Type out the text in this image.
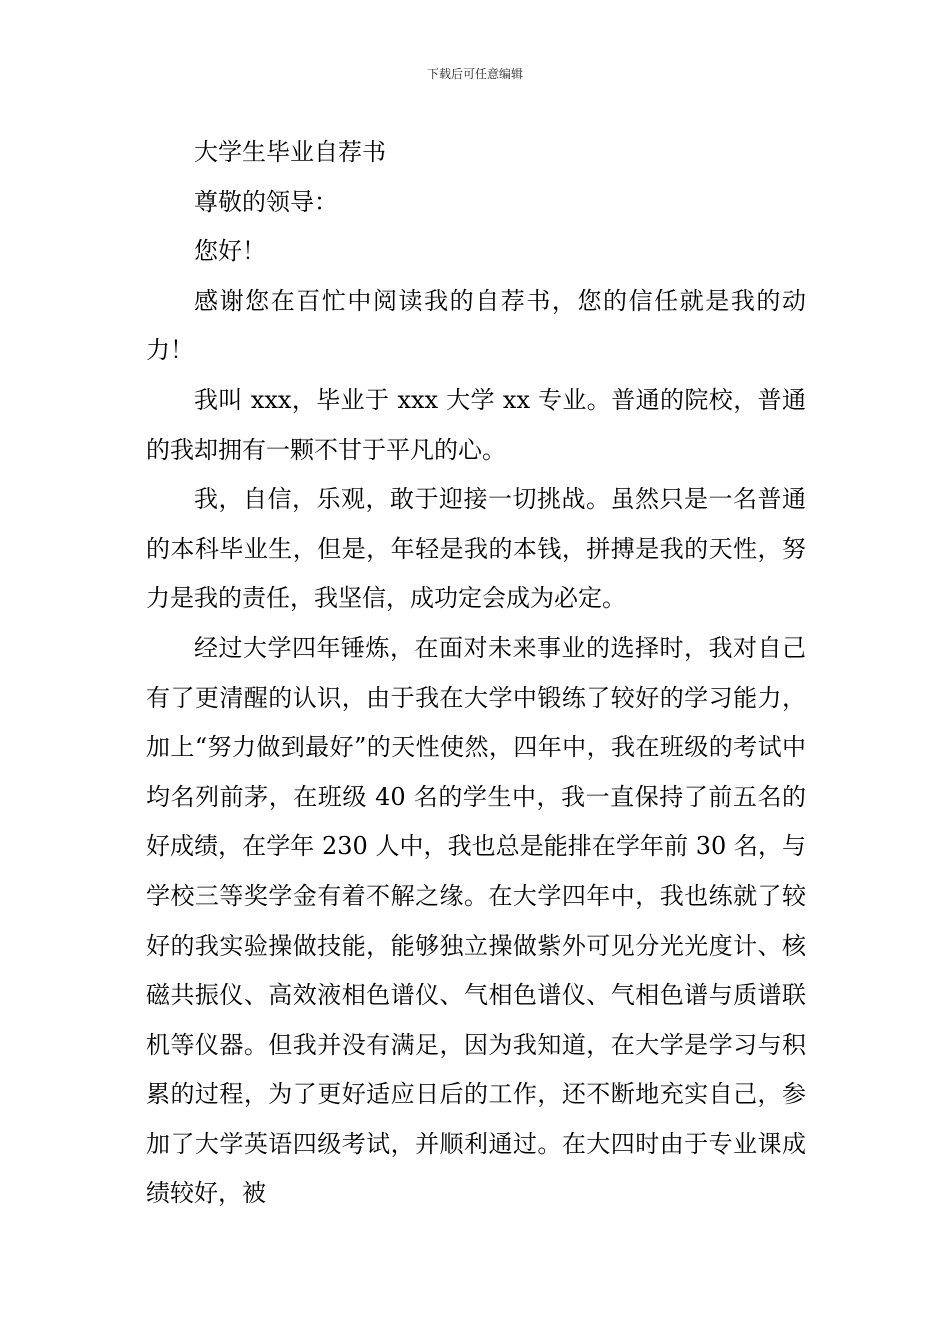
下载后可任意编辑

大学生毕业自荐书

尊敬的领导：

您好！

感谢您在百忙中阅读我的自荐书，您的信任就是我的动力！

我叫 xxx，毕业于 xxx 大学 xx 专业。普通的院校，普通的我却拥有一颗不甘于平凡的心。

我，自信，乐观，敢于迎接一切挑战。虽然只是一名普通的本科毕业生，但是，年轻是我的本钱，拼搏是我的天性，努力是我的责任，我坚信，成功定会成为必定。

经过大学四年锤炼，在面对未来事业的选择时，我对自己有了更清醒的认识，由于我在大学中锻练了较好的学习能力，加上“努力做到最好”的天性使然，四年中，我在班级的考试中均名列前茅，在班级 40 名的学生中，我一直保持了前五名的好成绩，在学年 230 人中，我也总是能排在学年前 30 名，与学校三等奖学金有着不解之缘。在大学四年中，我也练就了较好的我实验操做技能，能够独立操做紫外可见分光光度计、核磁共振仪、高效液相色谱仪、气相色谱仪、气相色谱与质谱联机等仪器。但我并没有满足，因为我知道，在大学是学习与积累的过程，为了更好适应日后的工作，还不断地充实自己，参加了大学英语四级考试，并顺利通过。在大四时由于专业课成绩较好，被
